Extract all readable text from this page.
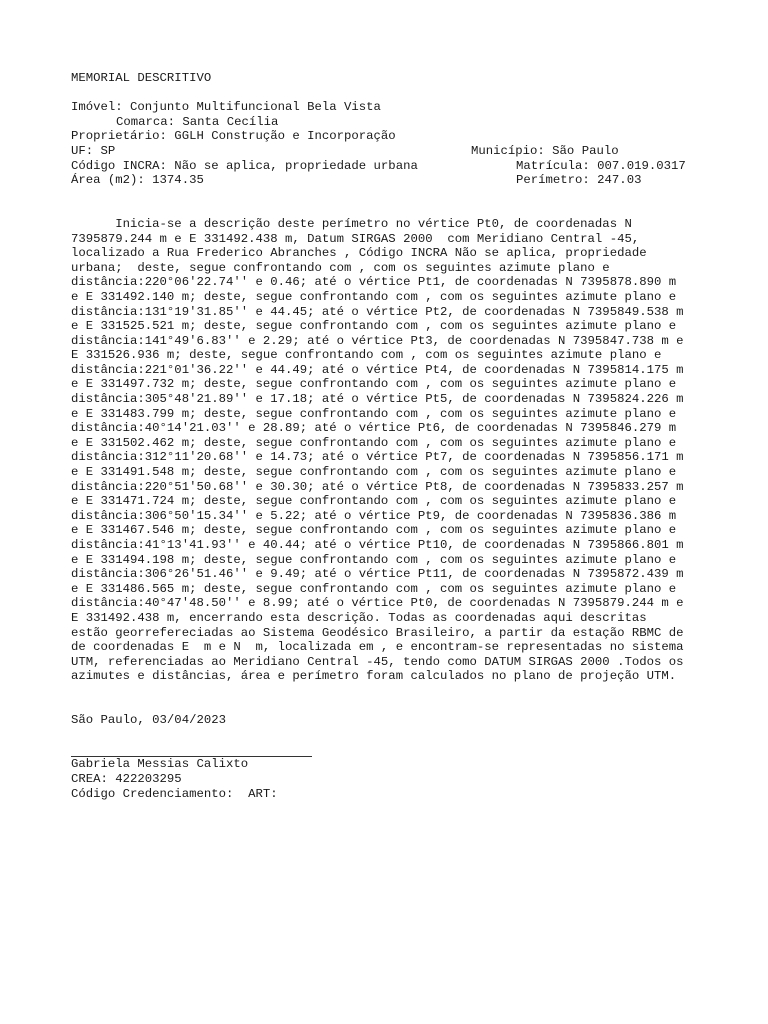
MEMORIAL DESCRITIVO
Imóvel: Conjunto Multifuncional Bela Vista
Comarca: Santa Cecília
Proprietário: GGLH Construção e Incorporação
UF: SP	Município: São Paulo
Código INCRA: Não se aplica, propriedade urbana	Matrícula: 007.019.0317
Área (m2): 1374.35	Perímetro: 247.03
Inicia-se a descrição deste perímetro no vértice Pt0, de coordenadas N
7395879.244 m e E 331492.438 m, Datum SIRGAS 2000  com Meridiano Central -45,
localizado a Rua Frederico Abranches , Código INCRA Não se aplica, propriedade
urbana;  deste, segue confrontando com , com os seguintes azimute plano e
distância:220°06'22.74'' e 0.46; até o vértice Pt1, de coordenadas N 7395878.890 m
e E 331492.140 m; deste, segue confrontando com , com os seguintes azimute plano e
distância:131°19'31.85'' e 44.45; até o vértice Pt2, de coordenadas N 7395849.538 m
e E 331525.521 m; deste, segue confrontando com , com os seguintes azimute plano e
distância:141°49'6.83'' e 2.29; até o vértice Pt3, de coordenadas N 7395847.738 m e
E 331526.936 m; deste, segue confrontando com , com os seguintes azimute plano e
distância:221°01'36.22'' e 44.49; até o vértice Pt4, de coordenadas N 7395814.175 m
e E 331497.732 m; deste, segue confrontando com , com os seguintes azimute plano e
distância:305°48'21.89'' e 17.18; até o vértice Pt5, de coordenadas N 7395824.226 m
e E 331483.799 m; deste, segue confrontando com , com os seguintes azimute plano e
distância:40°14'21.03'' e 28.89; até o vértice Pt6, de coordenadas N 7395846.279 m
e E 331502.462 m; deste, segue confrontando com , com os seguintes azimute plano e
distância:312°11'20.68'' e 14.73; até o vértice Pt7, de coordenadas N 7395856.171 m
e E 331491.548 m; deste, segue confrontando com , com os seguintes azimute plano e
distância:220°51'50.68'' e 30.30; até o vértice Pt8, de coordenadas N 7395833.257 m
e E 331471.724 m; deste, segue confrontando com , com os seguintes azimute plano e
distância:306°50'15.34'' e 5.22; até o vértice Pt9, de coordenadas N 7395836.386 m
e E 331467.546 m; deste, segue confrontando com , com os seguintes azimute plano e
distância:41°13'41.93'' e 40.44; até o vértice Pt10, de coordenadas N 7395866.801 m
e E 331494.198 m; deste, segue confrontando com , com os seguintes azimute plano e
distância:306°26'51.46'' e 9.49; até o vértice Pt11, de coordenadas N 7395872.439 m
e E 331486.565 m; deste, segue confrontando com , com os seguintes azimute plano e
distância:40°47'48.50'' e 8.99; até o vértice Pt0, de coordenadas N 7395879.244 m e
E 331492.438 m, encerrando esta descrição. Todas as coordenadas aqui descritas
estão georrefereciadas ao Sistema Geodésico Brasileiro, a partir da estação RBMC de
de coordenadas E  m e N  m, localizada em , e encontram-se representadas no sistema
UTM, referenciadas ao Meridiano Central -45, tendo como DATUM SIRGAS 2000 .Todos os
azimutes e distâncias, área e perímetro foram calculados no plano de projeção UTM.
São Paulo, 03/04/2023
Gabriela Messias Calixto
CREA: 422203295
Código Credenciamento:  ART:
